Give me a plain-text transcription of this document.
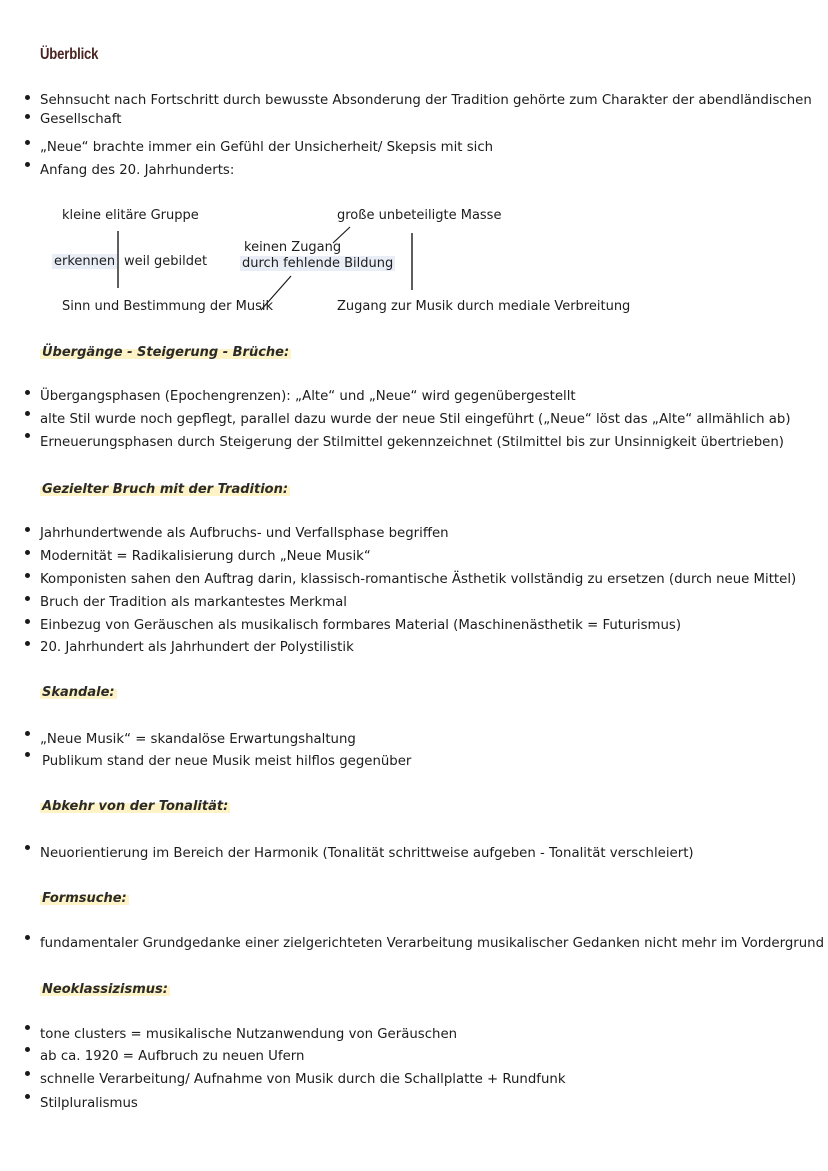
Überblick
Sehnsucht nach Fortschritt durch bewusste Absonderung der Tradition gehörte zum Charakter der abendländischen
Gesellschaft
„Neue“ brachte immer ein Gefühl der Unsicherheit/ Skepsis mit sich
Anfang des 20. Jahrhunderts:
kleine elitäre Gruppe
erkennen weil gebildet
Sinn und Bestimmung der Musik
keinen Zugang
durch fehlende Bildung
große unbeteiligte Masse
Zugang zur Musik durch mediale Verbreitung
Übergänge - Steigerung - Brüche:
Übergangsphasen (Epochengrenzen): „Alte“ und „Neue“ wird gegenübergestellt
alte Stil wurde noch gepflegt, parallel dazu wurde der neue Stil eingeführt („Neue“ löst das „Alte“ allmählich ab)
Erneuerungsphasen durch Steigerung der Stilmittel gekennzeichnet (Stilmittel bis zur Unsinnigkeit übertrieben)
Gezielter Bruch mit der Tradition:
Jahrhundertwende als Aufbruchs- und Verfallsphase begriffen
Modernität = Radikalisierung durch „Neue Musik“
Komponisten sahen den Auftrag darin, klassisch-romantische Ästhetik vollständig zu ersetzen (durch neue Mittel)
Bruch der Tradition als markantestes Merkmal
Einbezug von Geräuschen als musikalisch formbares Material (Maschinenästhetik = Futurismus)
20. Jahrhundert als Jahrhundert der Polystilistik
Skandale:
„Neue Musik“ = skandalöse Erwartungshaltung
Publikum stand der neue Musik meist hilflos gegenüber
Abkehr von der Tonalität:
Neuorientierung im Bereich der Harmonik (Tonalität schrittweise aufgeben - Tonalität verschleiert)
Formsuche:
fundamentaler Grundgedanke einer zielgerichteten Verarbeitung musikalischer Gedanken nicht mehr im Vordergrund
Neoklassizismus:
tone clusters = musikalische Nutzanwendung von Geräuschen
ab ca. 1920 = Aufbruch zu neuen Ufern
schnelle Verarbeitung/ Aufnahme von Musik durch die Schallplatte + Rundfunk
Stilpluralismus
